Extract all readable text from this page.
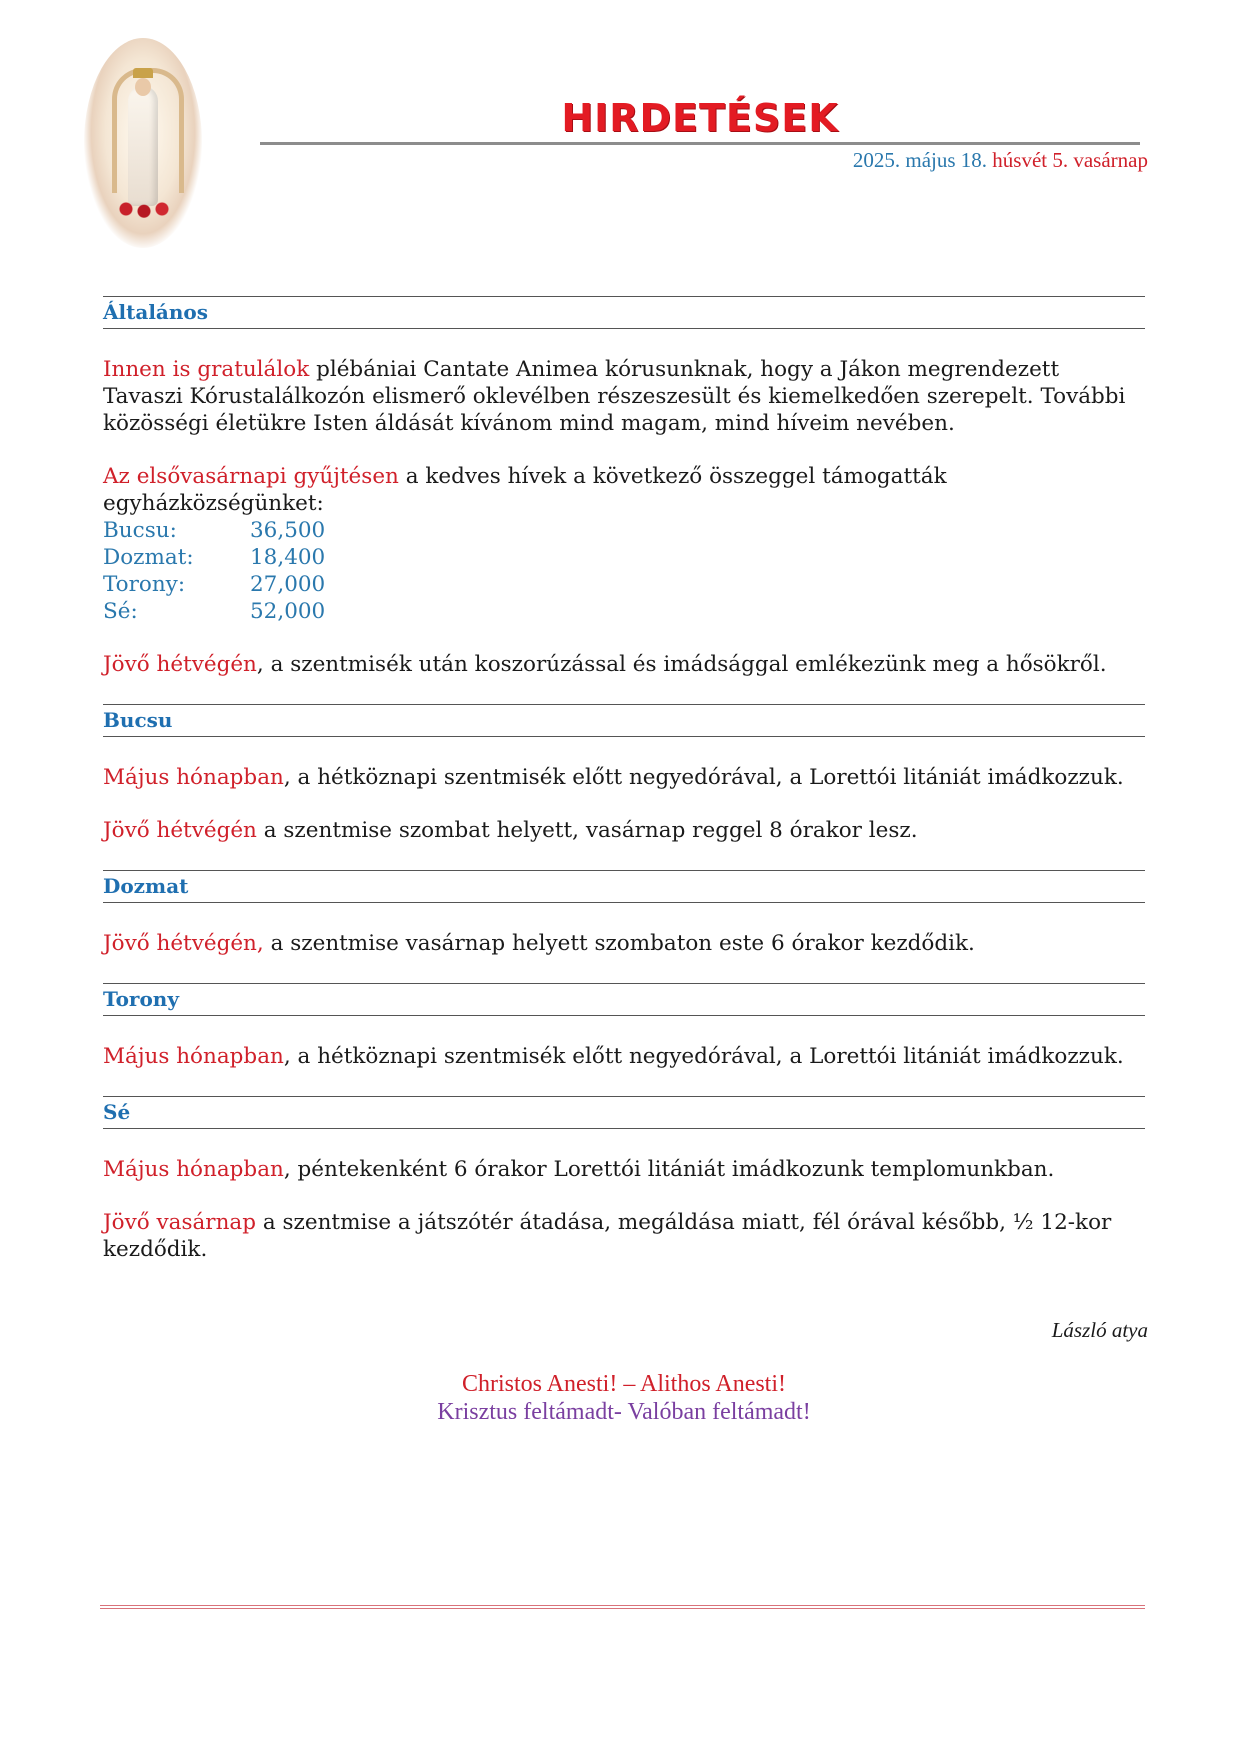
HIRDETÉSEK

2025. május 18. húsvét 5. vasárnap

Általános

Innen is gratulálok plébániai Cantate Animea kórusunknak, hogy a Jákon megrendezett Tavaszi Kórustalálkozón elismerő oklevélben részeszesült és kiemelkedően szerepelt. További közösségi életükre Isten áldását kívánom mind magam, mind híveim nevében.

Az elsővasárnapi gyűjtésen a kedves hívek a következő összeggel támogatták egyházközségünket:

Bucsu:	36,500
Dozmat:	18,400
Torony:	27,000
Sé:	52,000

Jövő hétvégén, a szentmisék után koszorúzással és imádsággal emlékezünk meg a hősökről.

Bucsu

Május hónapban, a hétköznapi szentmisék előtt negyedórával, a Lorettói litániát imádkozzuk.

Jövő hétvégén a szentmise szombat helyett, vasárnap reggel 8 órakor lesz.

Dozmat

Jövő hétvégén, a szentmise vasárnap helyett szombaton este 6 órakor kezdődik.

Torony

Május hónapban, a hétköznapi szentmisék előtt negyedórával, a Lorettói litániát imádkozzuk.

Sé

Május hónapban, péntekenként 6 órakor Lorettói litániát imádkozunk templomunkban.

Jövő vasárnap a szentmise a játszótér átadása, megáldása miatt, fél órával később, ½ 12-kor kezdődik.

László atya
Christos Anesti! – Alithos Anesti!
Krisztus feltámadt- Valóban feltámadt!
